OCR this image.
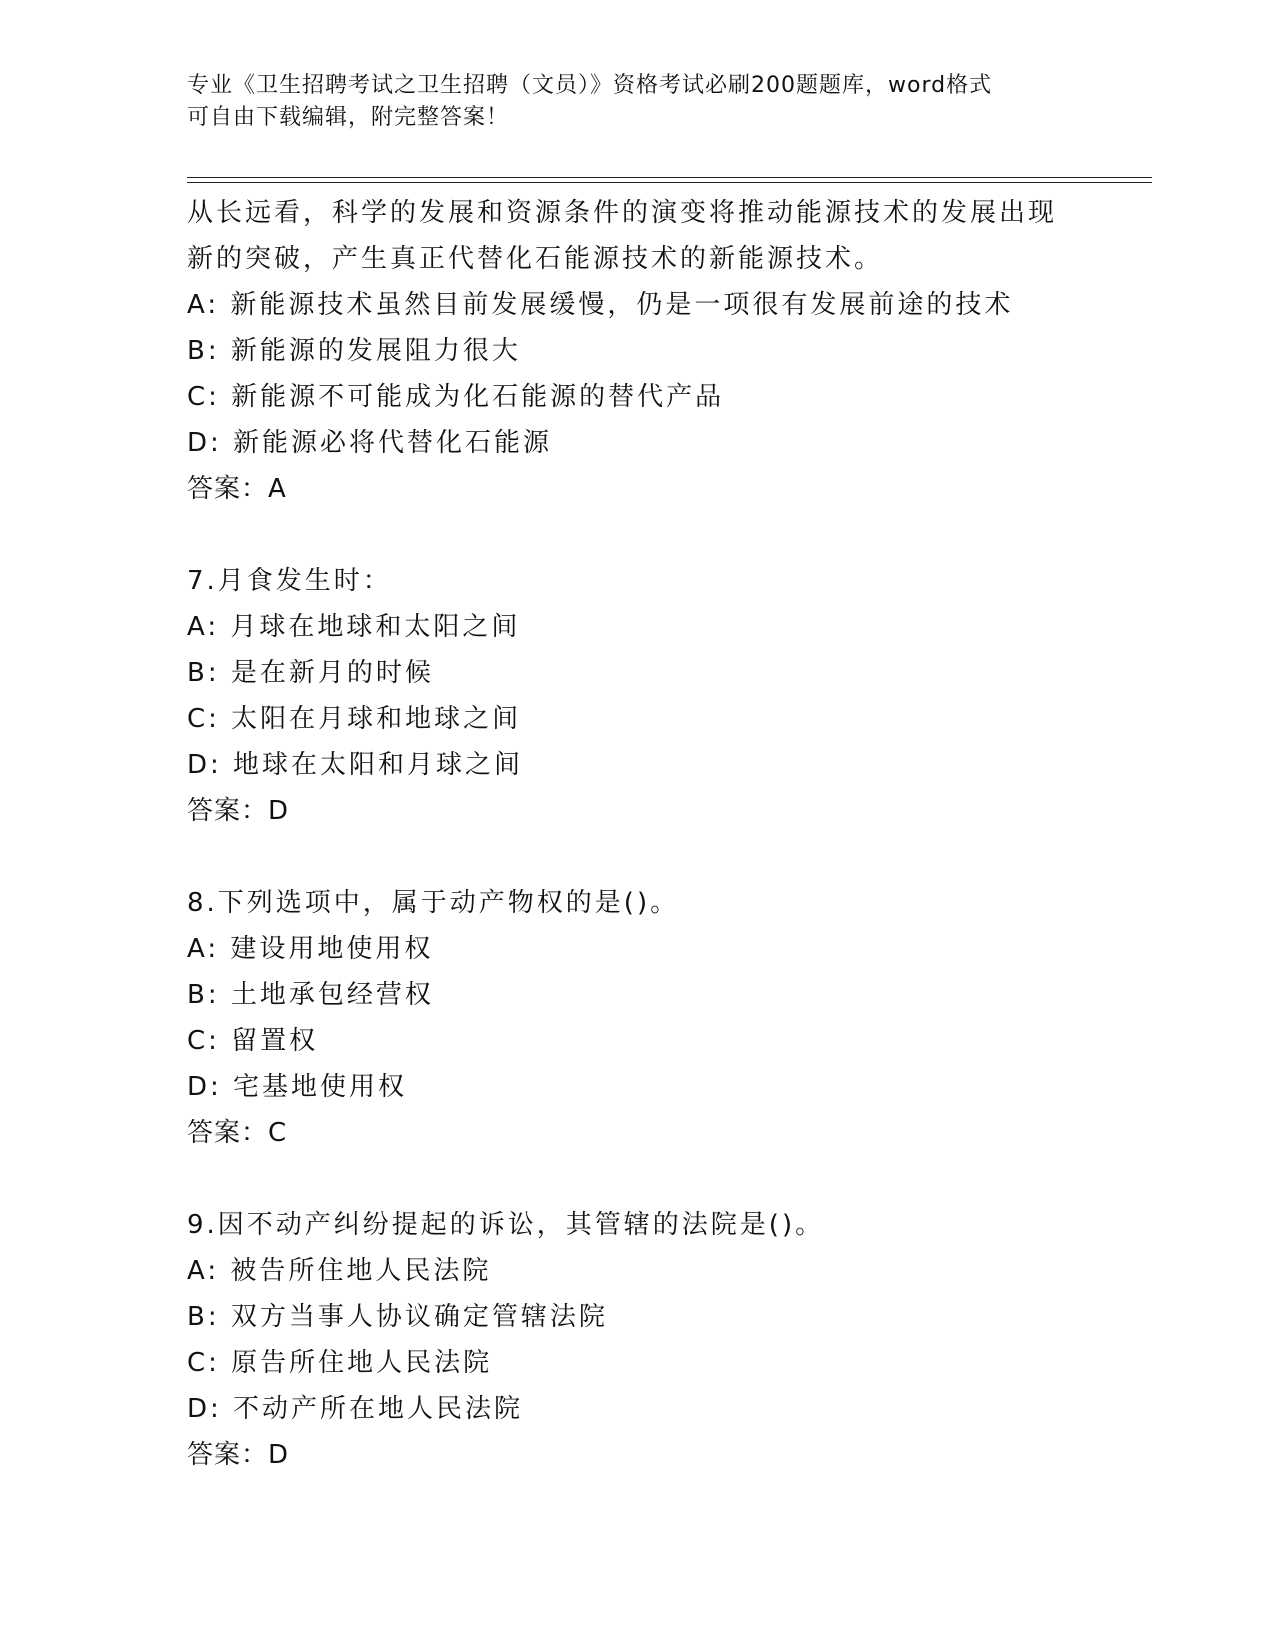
专业《卫生招聘考试之卫生招聘（文员）》资格考试必刷200题题库，word格式
可自由下载编辑，附完整答案！
从长远看，科学的发展和资源条件的演变将推动能源技术的发展出现
新的突破，产生真正代替化石能源技术的新能源技术。
A: 新能源技术虽然目前发展缓慢，仍是一项很有发展前途的技术
B: 新能源的发展阻力很大
C: 新能源不可能成为化石能源的替代产品
D: 新能源必将代替化石能源
答案：A
7.月食发生时：
A: 月球在地球和太阳之间
B: 是在新月的时候
C: 太阳在月球和地球之间
D: 地球在太阳和月球之间
答案：D
8.下列选项中，属于动产物权的是()。
A: 建设用地使用权
B: 土地承包经营权
C: 留置权
D: 宅基地使用权
答案：C
9.因不动产纠纷提起的诉讼，其管辖的法院是()。
A: 被告所住地人民法院
B: 双方当事人协议确定管辖法院
C: 原告所住地人民法院
D: 不动产所在地人民法院
答案：D
